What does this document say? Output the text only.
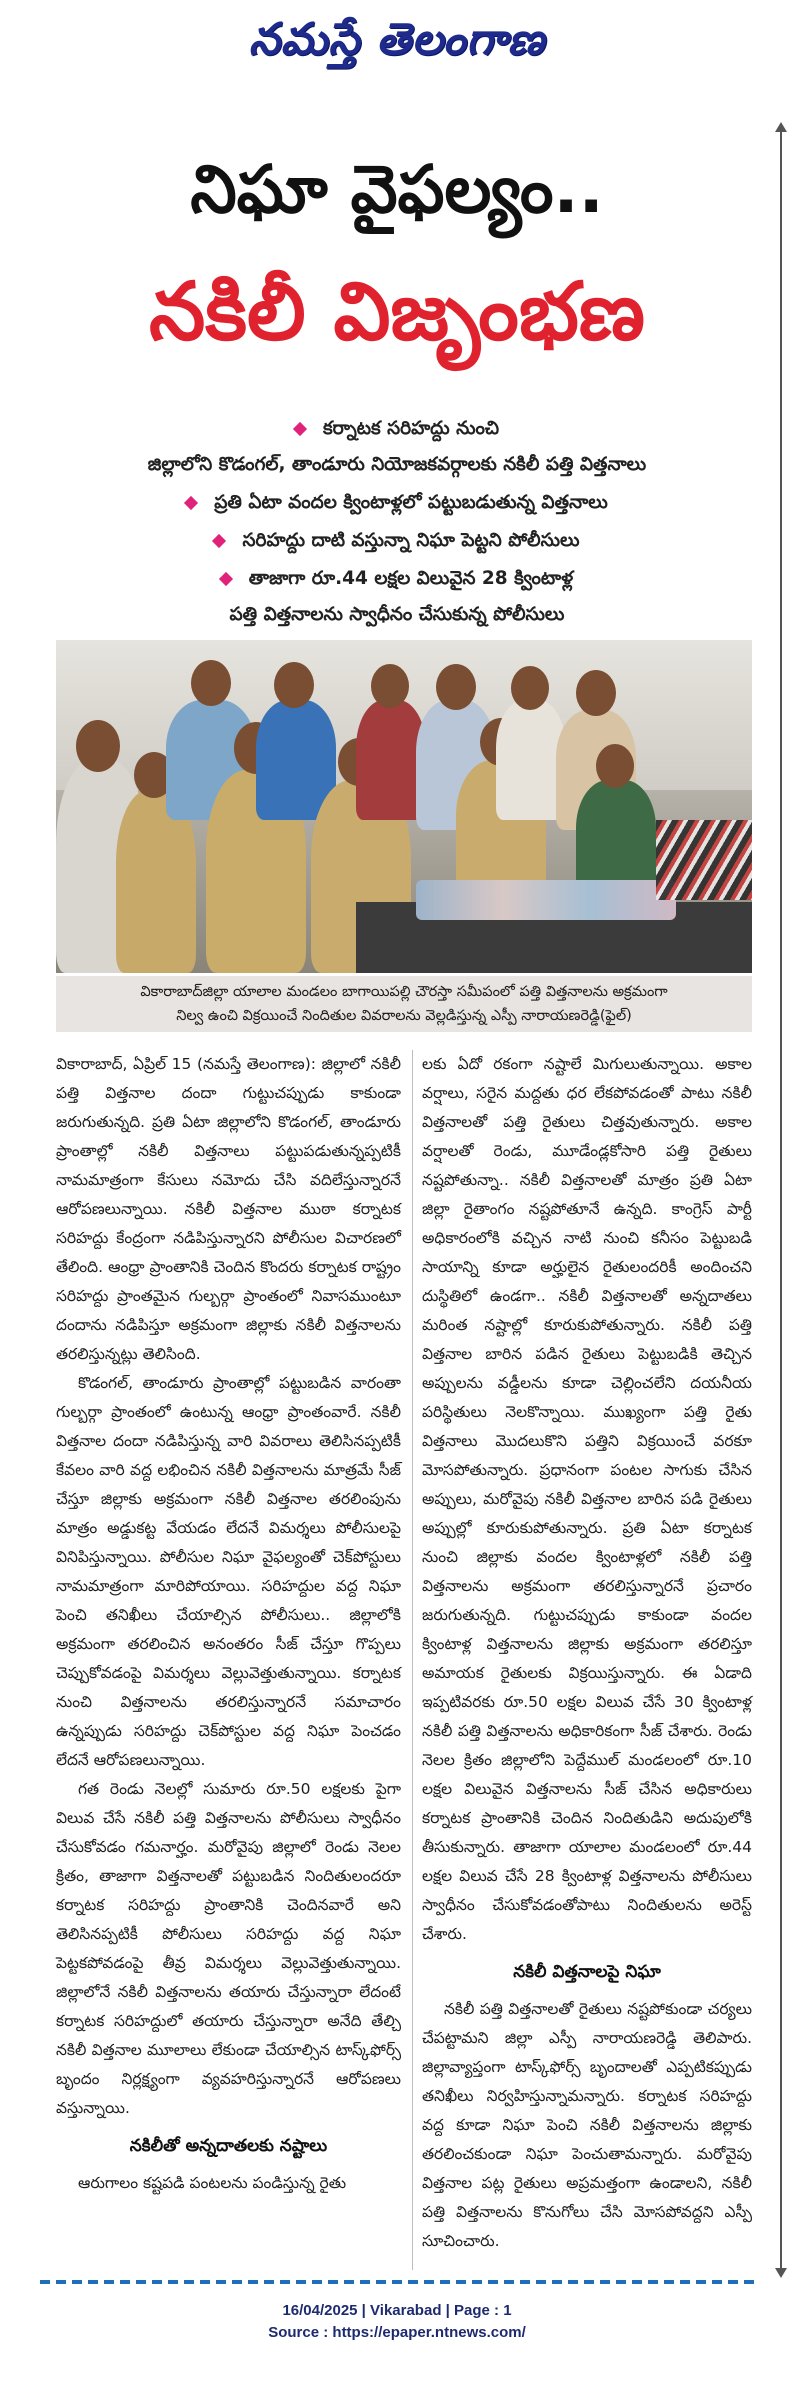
నమస్తే తెలంగాణ
నిఘా వైఫల్యం..
నకిలీ విజృంభణ
కర్నాటక సరిహద్దు నుంచి
జిల్లాలోని కొడంగల్‌, తాండూరు నియోజకవర్గాలకు నకిలీ పత్తి విత్తనాలు
ప్రతి ఏటా వందల క్వింటాళ్లలో పట్టుబడుతున్న విత్తనాలు
సరిహద్దు దాటి వస్తున్నా నిఘా పెట్టని పోలీసులు
తాజాగా రూ.44 లక్షల విలువైన 28 క్వింటాళ్ల
పత్తి విత్తనాలను స్వాధీనం చేసుకున్న పోలీసులు
వికారాబాద్‌జిల్లా యాలాల మండలం బాగాయిపల్లి చౌరస్తా సమీపంలో పత్తి విత్తనాలను అక్రమంగా
నిల్వ ఉంచి విక్రయించే నిందితుల వివరాలను వెల్లడిస్తున్న ఎస్పీ నారాయణరెడ్డి(ఫైల్‌)

వికారాబాద్‌, ఏప్రిల్‌ 15 (నమస్తే తెలంగాణ): జిల్లాలో నకిలీ పత్తి విత్తనాల దందా గుట్టుచప్పుడు కాకుండా జరుగుతున్నది. ప్రతి ఏటా జిల్లాలోని కొడంగల్‌, తాండూరు ప్రాంతాల్లో నకిలీ విత్తనాలు పట్టుపడుతున్నప్పటికీ నామమాత్రంగా కేసులు నమోదు చేసి వదిలేస్తున్నారనే ఆరోపణలున్నాయి. నకిలీ విత్తనాల ముఠా కర్నాటక సరిహద్దు కేంద్రంగా నడిపిస్తున్నారని పోలీసుల విచారణలో తేలింది. ఆంధ్రా ప్రాంతానికి చెందిన కొందరు కర్నాటక రాష్ట్రం సరిహద్దు ప్రాంతమైన గుల్బర్గా ప్రాంతంలో నివాసముంటూ దందాను నడిపిస్తూ అక్రమంగా జిల్లాకు నకిలీ విత్తనాలను తరలిస్తున్నట్లు తెలిసింది.

కొడంగల్‌, తాండూరు ప్రాంతాల్లో పట్టుబడిన వారంతా గుల్బర్గా ప్రాంతంలో ఉంటున్న ఆంధ్రా ప్రాంతంవారే. నకిలీ విత్తనాల దందా నడిపిస్తున్న వారి వివరాలు తెలిసినప్పటికీ కేవలం వారి వద్ద లభించిన నకిలీ విత్తనాలను మాత్రమే సీజ్‌ చేస్తూ జిల్లాకు అక్రమంగా నకిలీ విత్తనాల తరలింపును మాత్రం అడ్డుకట్ట వేయడం లేదనే విమర్శలు పోలీసులపై వినిపిస్తున్నాయి. పోలీసుల నిఘా వైఫల్యంతో చెక్‌పోస్టులు నామమాత్రంగా మారిపోయాయి. సరిహద్దుల వద్ద నిఘా పెంచి తనిఖీలు చేయాల్సిన పోలీసులు.. జిల్లాలోకి అక్రమంగా తరలించిన అనంతరం సీజ్‌ చేస్తూ గొప్పలు చెప్పుకోవడంపై విమర్శలు వెల్లువెత్తుతున్నాయి. కర్నాటక నుంచి విత్తనాలను తరలిస్తున్నారనే సమాచారం ఉన్నప్పుడు సరిహద్దు చెక్‌పోస్టుల వద్ద నిఘా పెంచడం లేదనే ఆరోపణలున్నాయి.

గత రెండు నెలల్లో సుమారు రూ.50 లక్షలకు పైగా విలువ చేసే నకిలీ పత్తి విత్తనాలను పోలీసులు స్వాధీనం చేసుకోవడం గమనార్హం. మరోవైపు జిల్లాలో రెండు నెలల క్రితం, తాజాగా విత్తనాలతో పట్టుబడిన నిందితులందరూ కర్నాటక సరిహద్దు ప్రాంతానికి చెందినవారే అని తెలిసినప్పటికీ పోలీసులు సరిహద్దు వద్ద నిఘా పెట్టకపోవడంపై తీవ్ర విమర్శలు వెల్లువెత్తుతున్నాయి. జిల్లాలోనే నకిలీ విత్తనాలను తయారు చేస్తున్నారా లేదంటే కర్నాటక సరిహద్దులో తయారు చేస్తున్నారా అనేది తేల్చి నకిలీ విత్తనాల మూలాలు లేకుండా చేయాల్సిన టాస్క్‌ఫోర్స్‌ బృందం నిర్లక్ష్యంగా వ్యవహరిస్తున్నారనే ఆరోపణలు వస్తున్నాయి.

నకిలీతో అన్నదాతలకు నష్టాలు

ఆరుగాలం కష్టపడి పంటలను పండిస్తున్న రైతు

లకు ఏదో రకంగా నష్టాలే మిగులుతున్నాయి. అకాల వర్షాలు, సరైన మద్దతు ధర లేకపోవడంతో పాటు నకిలీ విత్తనాలతో పత్తి రైతులు చిత్తవుతున్నారు. అకాల వర్షాలతో రెండు, మూడేండ్లకోసారి పత్తి రైతులు నష్టపోతున్నా.. నకిలీ విత్తనాలతో మాత్రం ప్రతి ఏటా జిల్లా రైతాంగం నష్టపోతూనే ఉన్నది. కాంగ్రెస్‌ పార్టీ అధికారంలోకి వచ్చిన నాటి నుంచి కనీసం పెట్టుబడి సాయాన్ని కూడా అర్హులైన రైతులందరికీ అందించని దుస్థితిలో ఉండగా.. నకిలీ విత్తనాలతో అన్నదాతలు మరింత నష్టాల్లో కూరుకుపోతున్నారు. నకిలీ పత్తి విత్తనాల బారిన పడిన రైతులు పెట్టుబడికి తెచ్చిన అప్పులను వడ్డీలను కూడా చెల్లించలేని దయనీయ పరిస్థితులు నెలకొన్నాయి. ముఖ్యంగా పత్తి రైతు విత్తనాలు మొదలుకొని పత్తిని విక్రయించే వరకూ మోసపోతున్నారు. ప్రధానంగా పంటల సాగుకు చేసిన అప్పులు, మరోవైపు నకిలీ విత్తనాల బారిన పడి రైతులు అప్పుల్లో కూరుకుపోతున్నారు. ప్రతి ఏటా కర్నాటక నుంచి జిల్లాకు వందల క్వింటాళ్లలో నకిలీ పత్తి విత్తనాలను అక్రమంగా తరలిస్తున్నారనే ప్రచారం జరుగుతున్నది. గుట్టుచప్పుడు కాకుండా వందల క్వింటాళ్ల విత్తనాలను జిల్లాకు అక్రమంగా తరలిస్తూ అమాయక రైతులకు విక్రయిస్తున్నారు. ఈ ఏడాది ఇప్పటివరకు రూ.50 లక్షల విలువ చేసే 30 క్వింటాళ్ల నకిలీ పత్తి విత్తనాలను అధికారికంగా సీజ్‌ చేశారు. రెండు నెలల క్రితం జిల్లాలోని పెద్దేముల్‌ మండలంలో రూ.10 లక్షల విలువైన విత్తనాలను సీజ్‌ చేసిన అధికారులు కర్నాటక ప్రాంతానికి చెందిన నిందితుడిని అదుపులోకి తీసుకున్నారు. తాజాగా యాలాల మండలంలో రూ.44 లక్షల విలువ చేసే 28 క్వింటాళ్ల విత్తనాలను పోలీసులు స్వాధీనం చేసుకోవడంతోపాటు నిందితులను అరెస్ట్‌ చేశారు.

నకిలీ విత్తనాలపై నిఘా

నకిలీ పత్తి విత్తనాలతో రైతులు నష్టపోకుండా చర్యలు చేపట్టామని జిల్లా ఎస్పీ నారాయణరెడ్డి తెలిపారు. జిల్లావ్యాప్తంగా టాస్క్‌ఫోర్స్‌ బృందాలతో ఎప్పటికప్పుడు తనిఖీలు నిర్వహిస్తున్నామన్నారు. కర్నాటక సరిహద్దు వద్ద కూడా నిఘా పెంచి నకిలీ విత్తనాలను జిల్లాకు తరలించకుండా నిఘా పెంచుతామన్నారు. మరోవైపు విత్తనాల పట్ల రైతులు అప్రమత్తంగా ఉండాలని, నకిలీ పత్తి విత్తనాలను కొనుగోలు చేసి మోసపోవద్దని ఎస్పీ సూచించారు.

16/04/2025 | Vikarabad | Page : 1
Source : https://epaper.ntnews.com/
